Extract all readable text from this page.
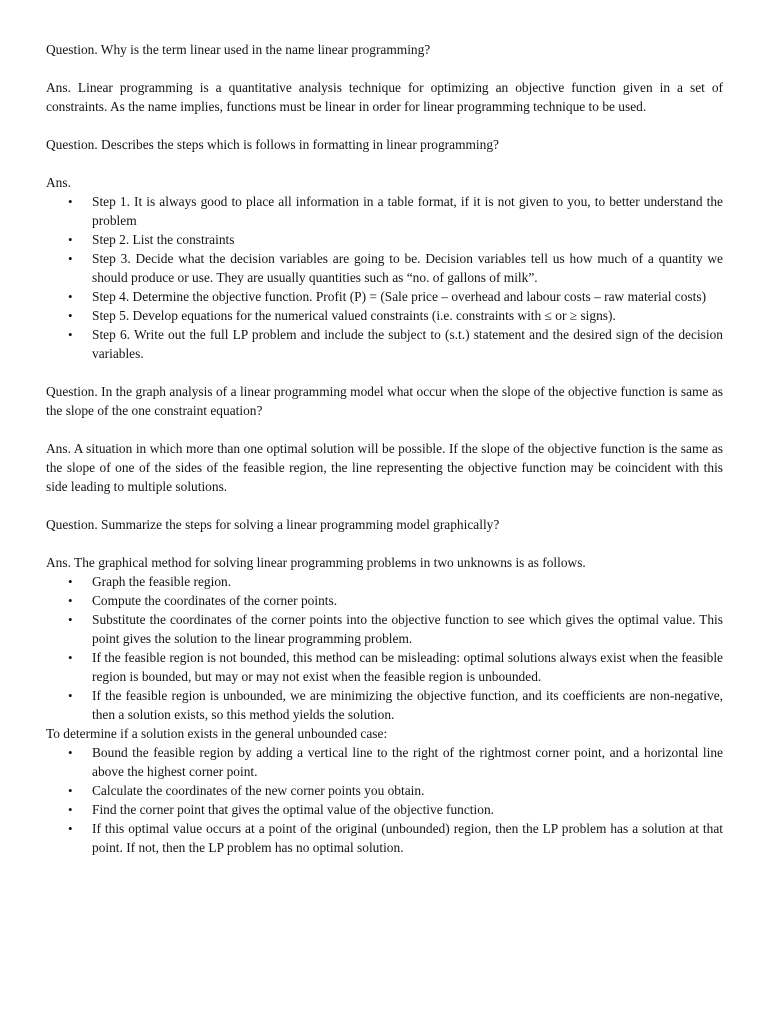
Question. Why is the term linear used in the name linear programming?

Ans. Linear programming is a quantitative analysis technique for optimizing an objective function given in a set of constraints. As the name implies, functions must be linear in order for linear programming technique to be used.

Question. Describes the steps which is follows in formatting in linear programming?

Ans.

• Step 1. It is always good to place all information in a table format, if it is not given to you, to better understand the problem
• Step 2. List the constraints
• Step 3. Decide what the decision variables are going to be. Decision variables tell us how much of a quantity we should produce or use. They are usually quantities such as “no. of gallons of milk”.
• Step 4. Determine the objective function. Profit (P) = (Sale price – overhead and labour costs – raw material costs)
• Step 5. Develop equations for the numerical valued constraints (i.e. constraints with ≤ or ≥ signs).
• Step 6. Write out the full LP problem and include the subject to (s.t.) statement and the desired sign of the decision variables.

Question. In the graph analysis of a linear programming model what occur when the slope of the objective function is same as the slope of the one constraint equation?

Ans. A situation in which more than one optimal solution will be possible. If the slope of the objective function is the same as the slope of one of the sides of the feasible region, the line representing the objective function may be coincident with this side leading to multiple solutions.

Question. Summarize the steps for solving a linear programming model graphically?

Ans. The graphical method for solving linear programming problems in two unknowns is as follows.

• Graph the feasible region.
• Compute the coordinates of the corner points.
• Substitute the coordinates of the corner points into the objective function to see which gives the optimal value. This point gives the solution to the linear programming problem.
• If the feasible region is not bounded, this method can be misleading: optimal solutions always exist when the feasible region is bounded, but may or may not exist when the feasible region is unbounded.
• If the feasible region is unbounded, we are minimizing the objective function, and its coefficients are non-negative, then a solution exists, so this method yields the solution.

To determine if a solution exists in the general unbounded case:

• Bound the feasible region by adding a vertical line to the right of the rightmost corner point, and a horizontal line above the highest corner point.
• Calculate the coordinates of the new corner points you obtain.
• Find the corner point that gives the optimal value of the objective function.
• If this optimal value occurs at a point of the original (unbounded) region, then the LP problem has a solution at that point. If not, then the LP problem has no optimal solution.
